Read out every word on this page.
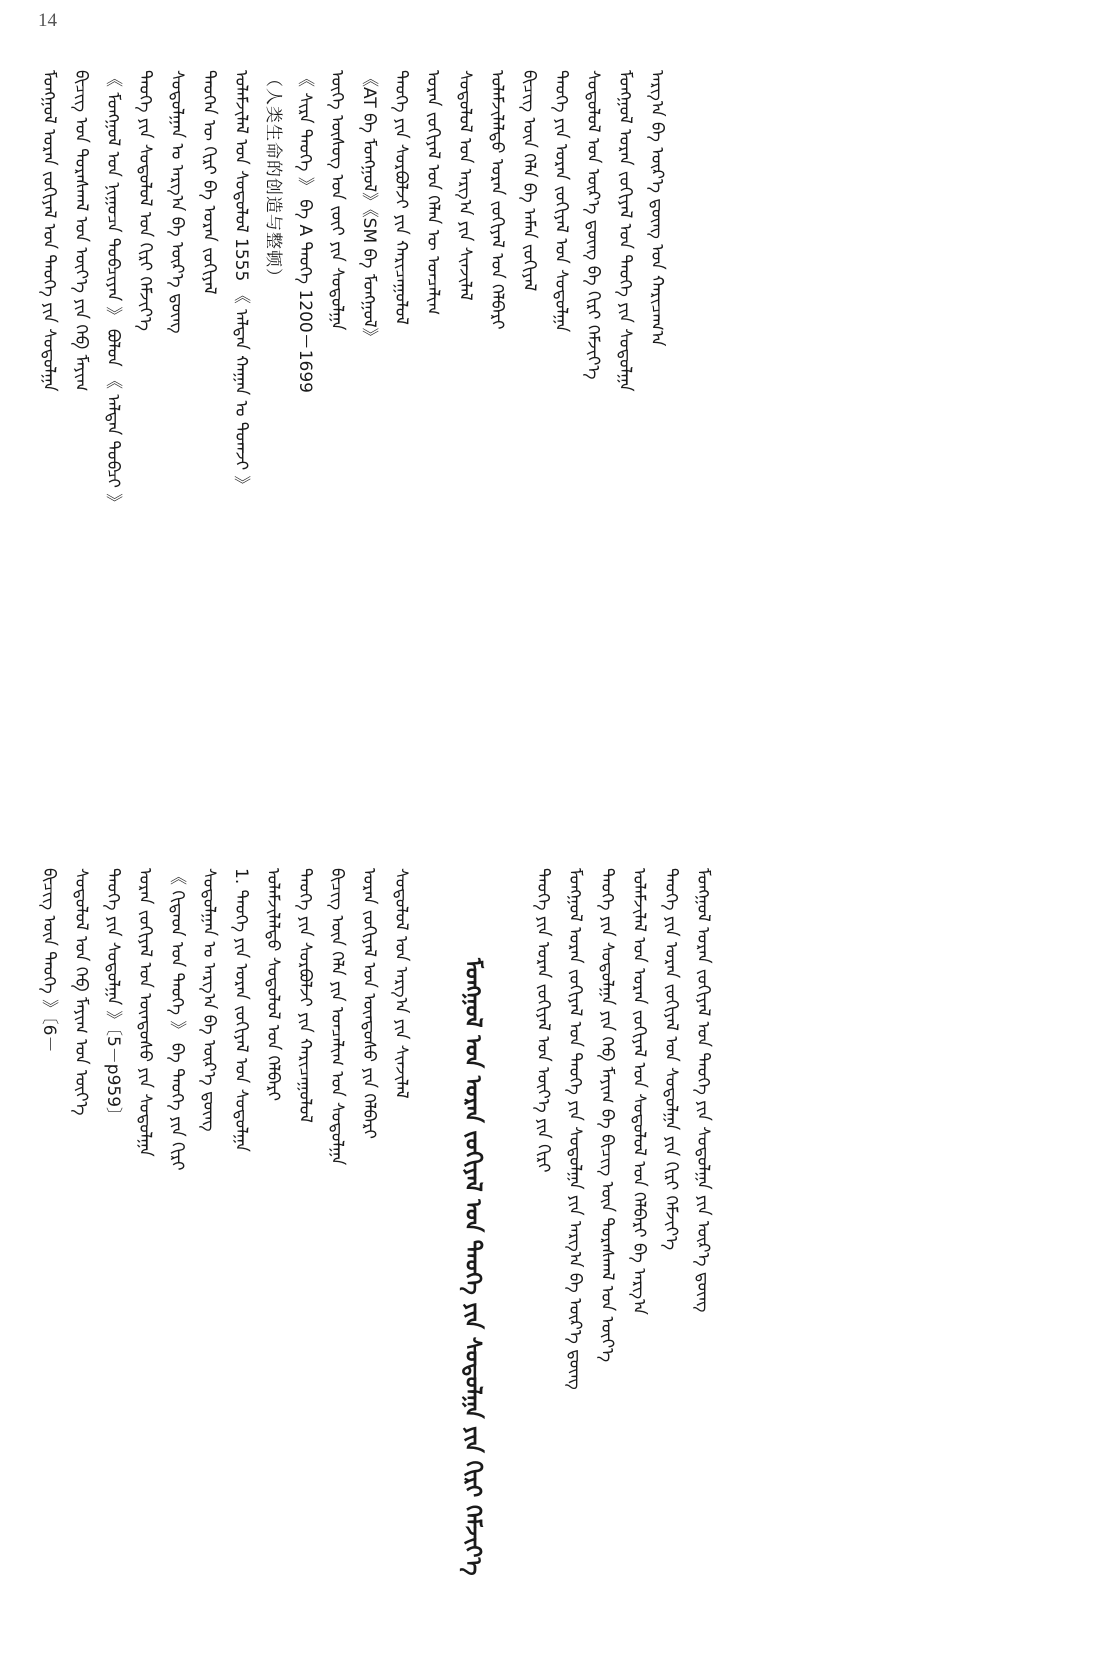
14
ᠮᠣᠩᠭᠣᠯ ᠤᠷᠠᠨ ᠵᠣᠬᠢᠶᠠᠯ ᠤᠨ ᠲᠡᠦᠬᠡ ᠶᠢᠨ ᠰᠤᠳᠤᠯᠭᠠ ᠪᠢᠴᠢᠭ᠌ ᠤᠨ ᠳᠤᠷᠠᠰᠬᠠᠯ ᠤᠨ ᠦᠶ᠎ᠡ ᠶᠢᠨ ᠬᠡᠪ ᠮᠠᠶᠢᠭ 《 ᠮᠣᠩᠭᠣᠯ ᠤᠨ ᠨᠢᠭᠤᠴᠠ ᠲᠣᠪᠴᠢᠶᠠᠨ 》 ᠪᠣᠯᠤᠨ 《 ᠠᠯᠲᠠᠨ ᠲᠣᠪᠴᠢ 》 ᠲᠡᠦᠬᠡ ᠶᠢᠨ ᠰᠤᠳᠤᠯᠤᠯ ᠤᠨ ᠬᠢᠷᠢ ᠬᠡᠮᠵᠢᠶ᠎ᠡ ᠰᠤᠳᠤᠯᠭᠠᠨ ᠤ ᠠᠷᠭ᠎ᠠ ᠪᠠ ᠦᠷ᠎ᠡ ᠳ᠋ᠦᠩ ᠲᠡᠦᠬᠡᠨ ᠦ ᠬᠢᠷᠢ ᠪᠠ ᠤᠷᠠᠨ ᠵᠣᠬᠢᠶᠠᠯ ᠤᠯᠠᠮᠵᠢᠯᠠᠯ ᠤᠨ ᠰᠤᠳᠤᠯᠤᠯ 1555 《 ᠠᠯᠲᠠᠨ ᠬᠠᠭᠠᠨ ᠤ ᠲᠤᠭᠵᠢ 》 （人类生命的创造与整顿） 《 ᠰᠢᠷᠠ ᠲᠡᠦᠬᠡ 》 ᠪᠠ A ᠲᠡᠦᠬᠡ 1200－1699 ᠦᠭᠡ ᠦᠰᠦᠭ ᠤᠨ ᠵᠦᠢ ᠶᠢᠨ ᠰᠤᠳᠤᠯᠭᠠ 《AT ᠪᠠ ᠮᠣᠩᠭᠣᠯ》《SM ᠪᠠ ᠮᠣᠩᠭᠣᠯ》 ᠲᠡᠦᠬᠡ ᠶᠢᠨ ᠰᠤᠷᠪᠤᠯᠵᠢ ᠶᠢᠨ ᠬᠠᠷᠢᠴᠠᠭᠤᠯᠤᠯ ᠤᠷᠠᠨ ᠵᠣᠬᠢᠶᠠᠯ ᠤᠨ ᠬᠡᠯᠡᠨ ᠦ ᠣᠨᠴᠠᠯᠢᠭ ᠰᠤᠳᠤᠯᠤᠯ ᠤᠨ ᠠᠷᠭ᠎ᠠ ᠶᠢᠨ ᠰᠢᠨᠵᠢᠯᠡᠯ ᠤᠯᠠᠮᠵᠢᠯᠠᠯᠲᠤ ᠤᠷᠠᠨ ᠵᠣᠬᠢᠶᠠᠯ ᠤᠨ ᠬᠡᠯᠪᠡᠷᠢ ᠪᠢᠴᠢᠭ᠌ ᠦᠨ ᠬᠡᠯᠡ ᠪᠠ ᠠᠮᠠᠨ ᠵᠣᠬᠢᠶᠠᠯ ᠲᠡᠦᠬᠡ ᠶᠢᠨ ᠤᠷᠠᠨ ᠵᠣᠬᠢᠶᠠᠯ ᠤᠨ ᠰᠤᠳᠤᠯᠭᠠ ᠰᠤᠳᠤᠯᠤᠯ ᠤᠨ ᠦᠷ᠎ᠡ ᠳ᠋ᠦᠩ ᠪᠠ ᠬᠢᠷᠢ ᠬᠡᠮᠵᠢᠶ᠎ᠡ ᠮᠣᠩᠭᠣᠯ ᠤᠷᠠᠨ ᠵᠣᠬᠢᠶᠠᠯ ᠤᠨ ᠲᠡᠦᠬᠡ ᠶᠢᠨ ᠰᠤᠳᠤᠯᠭᠠ ᠠᠷᠭ᠎ᠠ ᠪᠠ ᠦᠷ᠎ᠡ ᠳ᠋ᠦᠩ ᠤᠨ ᠬᠠᠷᠢᠴᠠᠭ᠎ᠠ
ᠪᠢᠴᠢᠭ᠌ ᠦᠨ ᠲᠡᠦᠬᠡ 》〔6－ ᠰᠤᠳᠤᠯᠤᠯ ᠤᠨ ᠬᠡᠪ ᠮᠠᠶᠢᠭ ᠤᠨ ᠦᠶ᠎ᠡ ᠲᠡᠦᠬᠡ ᠶᠢᠨ ᠰᠤᠳᠤᠯᠭᠠ 》〔5－p959〕 ᠤᠷᠠᠨ ᠵᠣᠬᠢᠶᠠᠯ ᠤᠨ ᠦᠨᠳᠦᠰᠦ ᠶᠢᠨ ᠰᠤᠳᠤᠯᠭᠠ 《 ᠬᠢᠳᠠᠳ ᠤᠨ ᠲᠡᠦᠬᠡ 》 ᠪᠠ ᠲᠡᠦᠬᠡ ᠶᠢᠨ ᠬᠢᠷᠢ ᠰᠤᠳᠤᠯᠭᠠᠨ ᠤ ᠠᠷᠭ᠎ᠠ ᠪᠠ ᠦᠷ᠎ᠡ ᠳ᠋ᠦᠩ 1. ᠲᠡᠦᠬᠡ ᠶᠢᠨ ᠤᠷᠠᠨ ᠵᠣᠬᠢᠶᠠᠯ ᠤᠨ ᠰᠤᠳᠤᠯᠭᠠ ᠤᠯᠠᠮᠵᠢᠯᠠᠯᠲᠤ ᠰᠤᠳᠤᠯᠤᠯ ᠤᠨ ᠬᠡᠯᠪᠡᠷᠢ ᠲᠡᠦᠬᠡ ᠶᠢᠨ ᠰᠤᠷᠪᠤᠯᠵᠢ ᠶᠢᠨ ᠬᠠᠷᠢᠴᠠᠭᠤᠯᠤᠯ ᠪᠢᠴᠢᠭ᠌ ᠦᠨ ᠬᠡᠯᠡ ᠶᠢᠨ ᠣᠨᠴᠠᠯᠢᠭ ᠤᠨ ᠰᠤᠳᠤᠯᠭᠠ ᠤᠷᠠᠨ ᠵᠣᠬᠢᠶᠠᠯ ᠤᠨ ᠦᠨᠳᠦᠰᠦ ᠶᠢᠨ ᠬᠡᠯᠪᠡᠷᠢ ᠰᠤᠳᠤᠯᠤᠯ ᠤᠨ ᠠᠷᠭ᠎ᠠ ᠶᠢᠨ ᠰᠢᠨᠵᠢᠯᠡᠯ	ᠮᠣᠩᠭᠣᠯ ᠤᠨ ᠤᠷᠠᠨ ᠵᠣᠬᠢᠶᠠᠯ ᠤᠨ ᠲᠡᠦᠬᠡ ᠶᠢᠨ ᠰᠤᠳᠤᠯᠭᠠ ᠶᠢᠨ ᠬᠢᠷᠢ ᠬᠡᠮᠵᠢᠶ᠎ᠡ	ᠲᠡᠦᠬᠡ ᠶᠢᠨ ᠤᠷᠠᠨ ᠵᠣᠬᠢᠶᠠᠯ ᠤᠨ ᠦᠶ᠎ᠡ ᠶᠢᠨ ᠬᠢᠷᠢ ᠮᠣᠩᠭᠣᠯ ᠤᠷᠠᠨ ᠵᠣᠬᠢᠶᠠᠯ ᠤᠨ ᠲᠡᠦᠬᠡ ᠶᠢᠨ ᠰᠤᠳᠤᠯᠭᠠ ᠶᠢᠨ ᠠᠷᠭ᠎ᠠ ᠪᠠ ᠦᠷ᠎ᠡ ᠳ᠋ᠦᠩ ᠲᠡᠦᠬᠡ ᠶᠢᠨ ᠰᠤᠳᠤᠯᠭᠠ ᠶᠢᠨ ᠬᠡᠪ ᠮᠠᠶᠢᠭ ᠪᠠ ᠪᠢᠴᠢᠭ᠌ ᠦᠨ ᠳᠤᠷᠠᠰᠬᠠᠯ ᠤᠨ ᠦᠶ᠎ᠡ ᠤᠯᠠᠮᠵᠢᠯᠠᠯ ᠤᠨ ᠤᠷᠠᠨ ᠵᠣᠬᠢᠶᠠᠯ ᠤᠨ ᠰᠤᠳᠤᠯᠤᠯ ᠤᠨ ᠬᠡᠯᠪᠡᠷᠢ ᠪᠠ ᠠᠷᠭ᠎ᠠ ᠲᠡᠦᠬᠡ ᠶᠢᠨ ᠤᠷᠠᠨ ᠵᠣᠬᠢᠶᠠᠯ ᠤᠨ ᠰᠤᠳᠤᠯᠭᠠ ᠶᠢᠨ ᠬᠢᠷᠢ ᠬᠡᠮᠵᠢᠶ᠎ᠡ ᠮᠣᠩᠭᠣᠯ ᠤᠷᠠᠨ ᠵᠣᠬᠢᠶᠠᠯ ᠤᠨ ᠲᠡᠦᠬᠡ ᠶᠢᠨ ᠰᠤᠳᠤᠯᠭᠠ ᠶᠢᠨ ᠦᠷ᠎ᠡ ᠳ᠋ᠦᠩ
